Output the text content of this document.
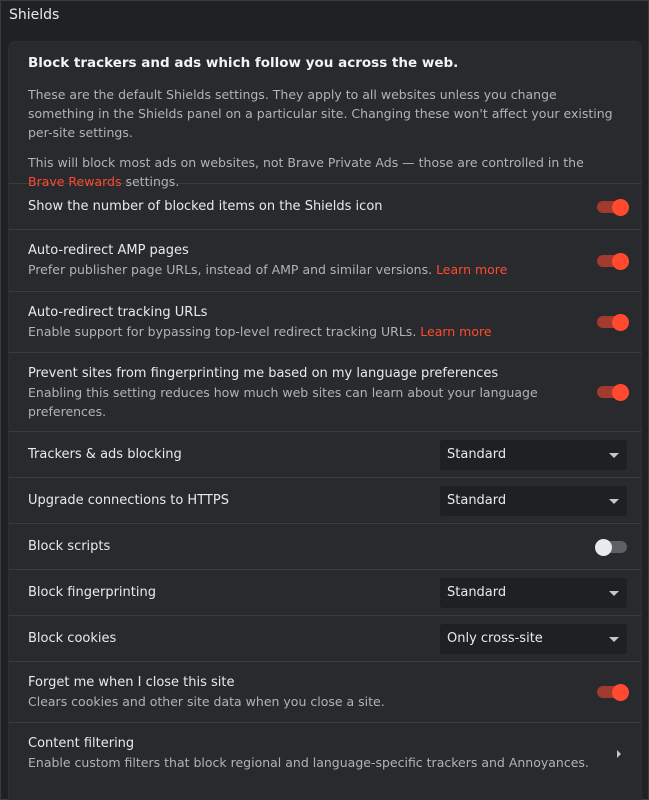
Shields

Block trackers and ads which follow you across the web.

These are the default Shields settings. They apply to all websites unless you change something in the Shields panel on a particular site. Changing these won't affect your existing per-site settings.

This will block most ads on websites, not Brave Private Ads — those are controlled in the Brave Rewards settings.

Show the number of blocked items on the Shields icon
Auto-redirect AMP pages
Prefer publisher page URLs, instead of AMP and similar versions. Learn more
Auto-redirect tracking URLs
Enable support for bypassing top-level redirect tracking URLs. Learn more
Prevent sites from fingerprinting me based on my language preferences
Enabling this setting reduces how much web sites can learn about your language preferences.
Trackers & ads blocking	Standard
Upgrade connections to HTTPS	Standard
Block scripts
Block fingerprinting	Standard
Block cookies	Only cross-site
Forget me when I close this site
Clears cookies and other site data when you close a site.
Content filtering
Enable custom filters that block regional and language-specific trackers and Annoyances.
